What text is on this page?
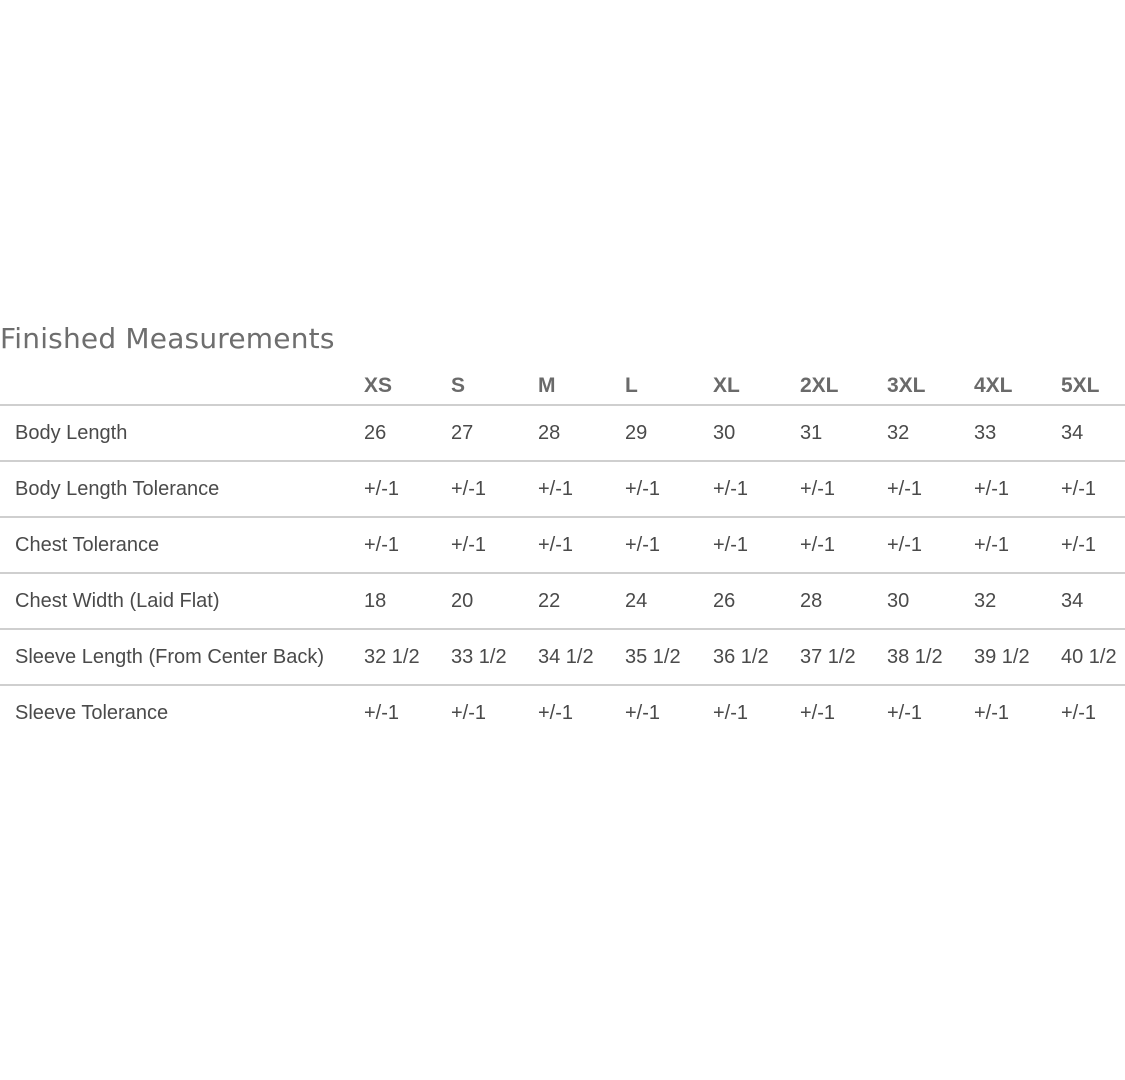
Finished Measurements
	XS	S	M	L	XL	2XL	3XL	4XL	5XL
Body Length	26	27	28	29	30	31	32	33	34
Body Length Tolerance	+/-1	+/-1	+/-1	+/-1	+/-1	+/-1	+/-1	+/-1	+/-1
Chest Tolerance	+/-1	+/-1	+/-1	+/-1	+/-1	+/-1	+/-1	+/-1	+/-1
Chest Width (Laid Flat)	18	20	22	24	26	28	30	32	34
Sleeve Length (From Center Back)	32 1/2	33 1/2	34 1/2	35 1/2	36 1/2	37 1/2	38 1/2	39 1/2	40 1/2
Sleeve Tolerance	+/-1	+/-1	+/-1	+/-1	+/-1	+/-1	+/-1	+/-1	+/-1
